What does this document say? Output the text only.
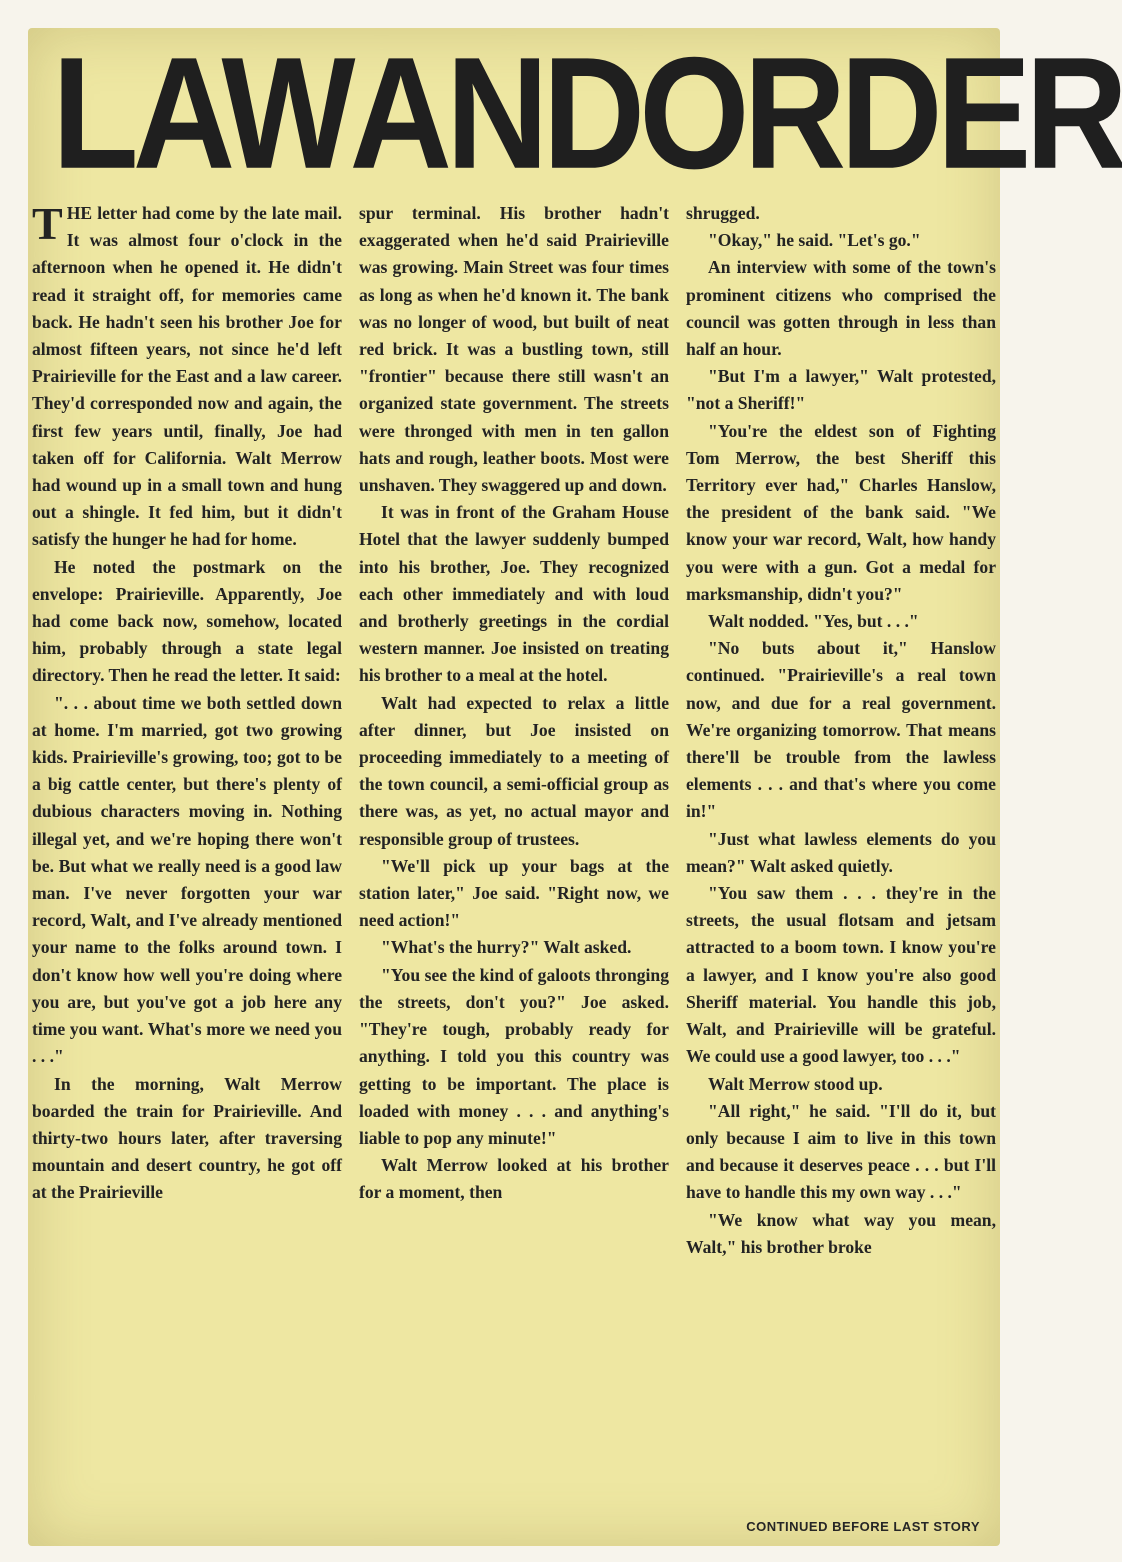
LAW AND ORDER

THE letter had come by the late mail. It was almost four o'clock in the afternoon when he opened it. He didn't read it straight off, for memories came back. He hadn't seen his brother Joe for almost fifteen years, not since he'd left Prairieville for the East and a law career. They'd corresponded now and again, the first few years until, finally, Joe had taken off for California. Walt Merrow had wound up in a small town and hung out a shingle. It fed him, but it didn't satisfy the hunger he had for home.

He noted the postmark on the envelope: Prairieville. Apparently, Joe had come back now, somehow, located him, probably through a state legal directory. Then he read the letter. It said:

". . . about time we both settled down at home. I'm married, got two growing kids. Prairieville's growing, too; got to be a big cattle center, but there's plenty of dubious characters moving in. Nothing illegal yet, and we're hoping there won't be. But what we really need is a good law man. I've never forgotten your war record, Walt, and I've already mentioned your name to the folks around town. I don't know how well you're doing where you are, but you've got a job here any time you want. What's more we need you . . ."

In the morning, Walt Merrow boarded the train for Prairieville. And thirty-two hours later, after traversing mountain and desert country, he got off at the Prairieville

spur terminal. His brother hadn't exaggerated when he'd said Prairieville was growing. Main Street was four times as long as when he'd known it. The bank was no longer of wood, but built of neat red brick. It was a bustling town, still "frontier" because there still wasn't an organized state government. The streets were thronged with men in ten gallon hats and rough, leather boots. Most were unshaven. They swaggered up and down.

It was in front of the Graham House Hotel that the lawyer suddenly bumped into his brother, Joe. They recognized each other immediately and with loud and brotherly greetings in the cordial western manner. Joe insisted on treating his brother to a meal at the hotel.

Walt had expected to relax a little after dinner, but Joe insisted on proceeding immediately to a meeting of the town council, a semi-official group as there was, as yet, no actual mayor and responsible group of trustees.

"We'll pick up your bags at the station later," Joe said. "Right now, we need action!"

"What's the hurry?" Walt asked.

"You see the kind of galoots thronging the streets, don't you?" Joe asked. "They're tough, probably ready for anything. I told you this country was getting to be important. The place is loaded with money . . . and anything's liable to pop any minute!"

Walt Merrow looked at his brother for a moment, then

shrugged.

"Okay," he said. "Let's go."

An interview with some of the town's prominent citizens who comprised the council was gotten through in less than half an hour.

"But I'm a lawyer," Walt protested, "not a Sheriff!"

"You're the eldest son of Fighting Tom Merrow, the best Sheriff this Territory ever had," Charles Hanslow, the president of the bank said. "We know your war record, Walt, how handy you were with a gun. Got a medal for marksmanship, didn't you?"

Walt nodded. "Yes, but . . ."

"No buts about it," Hanslow continued. "Prairieville's a real town now, and due for a real government. We're organizing tomorrow. That means there'll be trouble from the lawless elements . . . and that's where you come in!"

"Just what lawless elements do you mean?" Walt asked quietly.

"You saw them . . . they're in the streets, the usual flotsam and jetsam attracted to a boom town. I know you're a lawyer, and I know you're also good Sheriff material. You handle this job, Walt, and Prairieville will be grateful. We could use a good lawyer, too . . ."

Walt Merrow stood up.

"All right," he said. "I'll do it, but only because I aim to live in this town and because it deserves peace . . . but I'll have to handle this my own way . . ."

"We know what way you mean, Walt," his brother broke

CONTINUED BEFORE LAST STORY
